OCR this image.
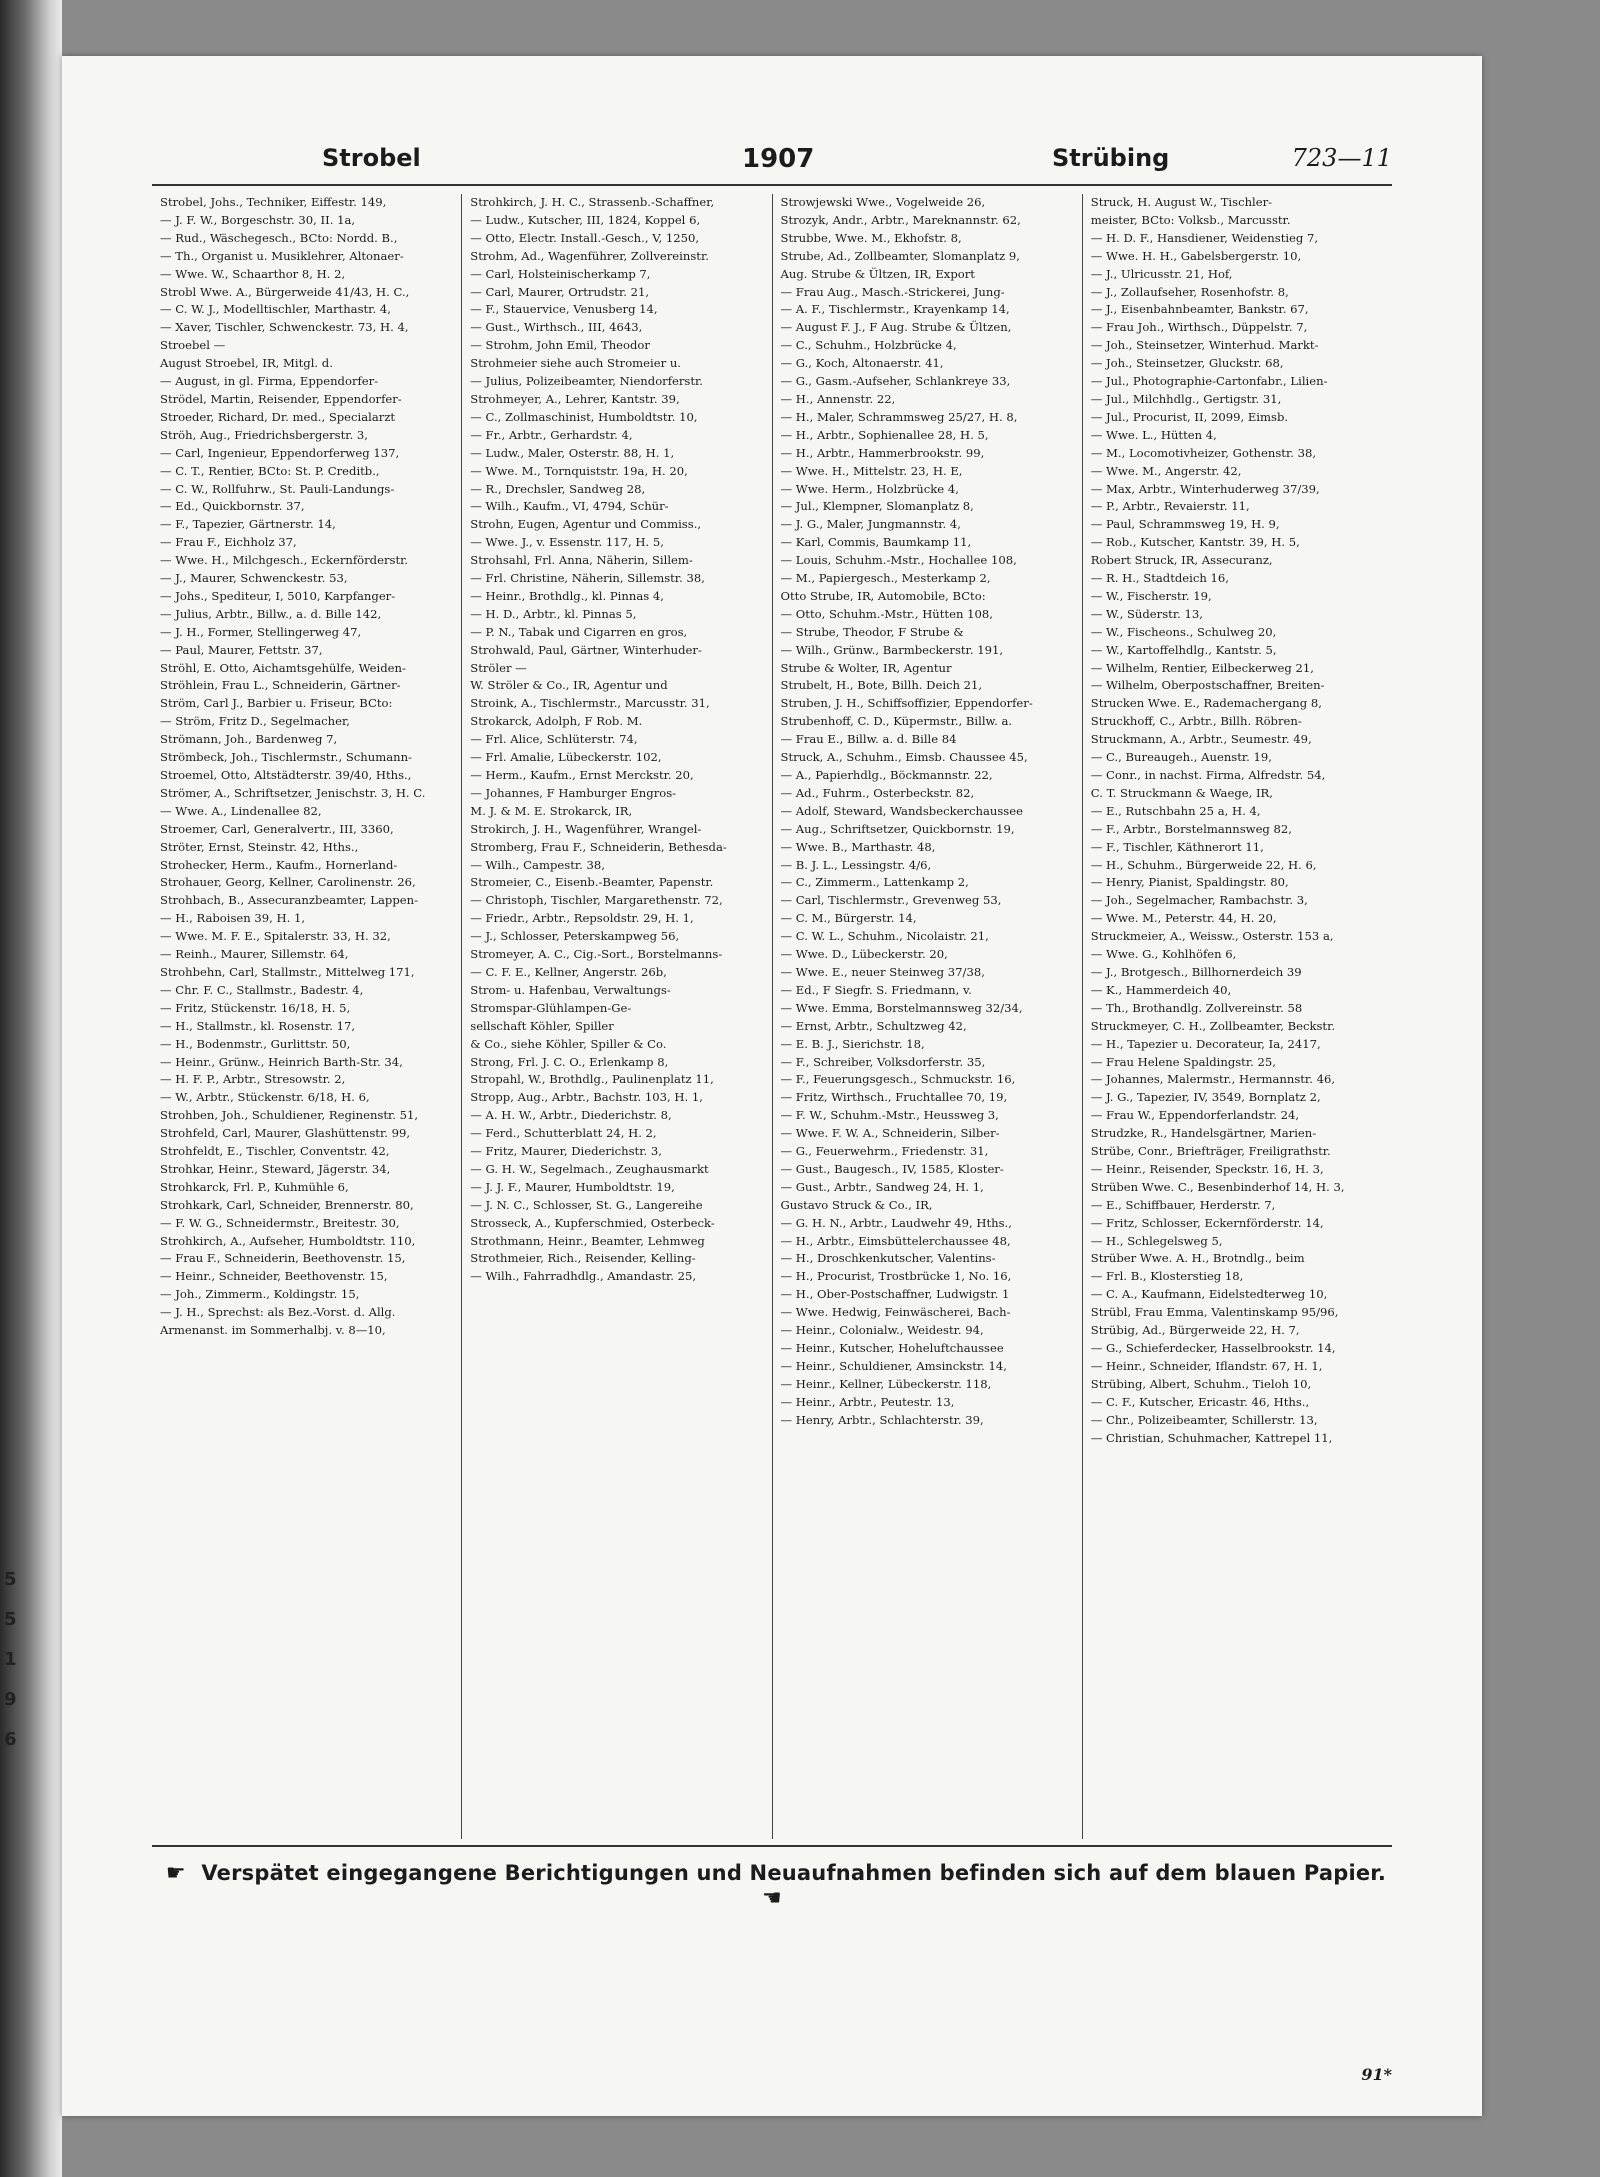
5
5
1
9
6
Strobel	1907	Strübing	723—11

Strobel, Johs., Techniker, Eiffestr. 149,

— J. F. W., Borgeschstr. 30, II. 1a,

— Rud., Wäschegesch., BCto: Nordd. B.,

— Th., Organist u. Musiklehrer, Altonaer-

— Wwe. W., Schaarthor 8, H. 2,

Strobl Wwe. A., Bürgerweide 41/43, H. C.,

— C. W. J., Modelltischler, Marthastr. 4,

— Xaver, Tischler, Schwenckestr. 73, H. 4,

Stroebel —

August Stroebel, IR, Mitgl. d.

— August, in gl. Firma, Eppendorfer-

Strödel, Martin, Reisender, Eppendorfer-

Stroeder, Richard, Dr. med., Specialarzt

Ströh, Aug., Friedrichsbergerstr. 3,

— Carl, Ingenieur, Eppendorferweg 137,

— C. T., Rentier, BCto: St. P. Creditb.,

— C. W., Rollfuhrw., St. Pauli-Landungs-

— Ed., Quickbornstr. 37,

— F., Tapezier, Gärtnerstr. 14,

— Frau F., Eichholz 37,

— Wwe. H., Milchgesch., Eckernförderstr.

— J., Maurer, Schwenckestr. 53,

— Johs., Spediteur, I, 5010, Karpfanger-

— Julius, Arbtr., Billw., a. d. Bille 142,

— J. H., Former, Stellingerweg 47,

— Paul, Maurer, Fettstr. 37,

Ströhl, E. Otto, Aichamtsgehülfe, Weiden-

Ströhlein, Frau L., Schneiderin, Gärtner-

Ström, Carl J., Barbier u. Friseur, BCto:

— Ström, Fritz D., Segelmacher,

Strömann, Joh., Bardenweg 7,

Strömbeck, Joh., Tischlermstr., Schumann-

Stroemel, Otto, Altstädterstr. 39/40, Hths.,

Strömer, A., Schriftsetzer, Jenischstr. 3, H. C.

— Wwe. A., Lindenallee 82,

Stroemer, Carl, Generalvertr., III, 3360,

Ströter, Ernst, Steinstr. 42, Hths.,

Strohecker, Herm., Kaufm., Hornerland-

Strohauer, Georg, Kellner, Carolinenstr. 26,

Strohbach, B., Assecuranzbeamter, Lappen-

— H., Raboisen 39, H. 1,

— Wwe. M. F. E., Spitalerstr. 33, H. 32,

— Reinh., Maurer, Sillemstr. 64,

Strohbehn, Carl, Stallmstr., Mittelweg 171,

— Chr. F. C., Stallmstr., Badestr. 4,

— Fritz, Stückenstr. 16/18, H. 5,

— H., Stallmstr., kl. Rosenstr. 17,

— H., Bodenmstr., Gurlittstr. 50,

— Heinr., Grünw., Heinrich Barth-Str. 34,

— H. F. P., Arbtr., Stresowstr. 2,

— W., Arbtr., Stückenstr. 6/18, H. 6,

Strohben, Joh., Schuldiener, Reginenstr. 51,

Strohfeld, Carl, Maurer, Glashüttenstr. 99,

Strohfeldt, E., Tischler, Conventstr. 42,

Strohkar, Heinr., Steward, Jägerstr. 34,

Strohkarck, Frl. P., Kuhmühle 6,

Strohkark, Carl, Schneider, Brennerstr. 80,

— F. W. G., Schneidermstr., Breitestr. 30,

Strohkirch, A., Aufseher, Humboldtstr. 110,

— Frau F., Schneiderin, Beethovenstr. 15,

— Heinr., Schneider, Beethovenstr. 15,

— Joh., Zimmerm., Koldingstr. 15,

— J. H., Sprechst: als Bez.-Vorst. d. Allg.

Armenanst. im Sommerhalbj. v. 8—10,

Strohkirch, J. H. C., Strassenb.-Schaffner,

— Ludw., Kutscher, III, 1824, Koppel 6,

— Otto, Electr. Install.-Gesch., V, 1250,

Strohm, Ad., Wagenführer, Zollvereinstr.

— Carl, Holsteinischerkamp 7,

— Carl, Maurer, Ortrudstr. 21,

— F., Stauervice, Venusberg 14,

— Gust., Wirthsch., III, 4643,

— Strohm, John Emil, Theodor

Strohmeier siehe auch Stromeier u.

— Julius, Polizeibeamter, Niendorferstr.

Strohmeyer, A., Lehrer, Kantstr. 39,

— C., Zollmaschinist, Humboldtstr. 10,

— Fr., Arbtr., Gerhardstr. 4,

— Ludw., Maler, Osterstr. 88, H. 1,

— Wwe. M., Tornquiststr. 19a, H. 20,

— R., Drechsler, Sandweg 28,

— Wilh., Kaufm., VI, 4794, Schür-

Strohn, Eugen, Agentur und Commiss.,

— Wwe. J., v. Essenstr. 117, H. 5,

Strohsahl, Frl. Anna, Näherin, Sillem-

— Frl. Christine, Näherin, Sillemstr. 38,

— Heinr., Brothdlg., kl. Pinnas 4,

— H. D., Arbtr., kl. Pinnas 5,

— P. N., Tabak und Cigarren en gros,

Strohwald, Paul, Gärtner, Winterhuder-

Ströler —

W. Ströler & Co., IR, Agentur und

Stroink, A., Tischlermstr., Marcusstr. 31,

Strokarck, Adolph, F Rob. M.

— Frl. Alice, Schlüterstr. 74,

— Frl. Amalie, Lübeckerstr. 102,

— Herm., Kaufm., Ernst Merckstr. 20,

— Johannes, F Hamburger Engros-

M. J. & M. E. Strokarck, IR,

Strokirch, J. H., Wagenführer, Wrangel-

Stromberg, Frau F., Schneiderin, Bethesda-

— Wilh., Campestr. 38,

Stromeier, C., Eisenb.-Beamter, Papenstr.

— Christoph, Tischler, Margarethenstr. 72,

— Friedr., Arbtr., Repsoldstr. 29, H. 1,

— J., Schlosser, Peterskampweg 56,

Stromeyer, A. C., Cig.-Sort., Borstelmanns-

— C. F. E., Kellner, Angerstr. 26b,

Strom- u. Hafenbau, Verwaltungs-

Stromspar-Glühlampen-Ge-

sellschaft Köhler, Spiller

& Co., siehe Köhler, Spiller & Co.

Strong, Frl. J. C. O., Erlenkamp 8,

Stropahl, W., Brothdlg., Paulinenplatz 11,

Stropp, Aug., Arbtr., Bachstr. 103, H. 1,

— A. H. W., Arbtr., Diederichstr. 8,

— Ferd., Schutterblatt 24, H. 2,

— Fritz, Maurer, Diederichstr. 3,

— G. H. W., Segelmach., Zeughausmarkt

— J. J. F., Maurer, Humboldtstr. 19,

— J. N. C., Schlosser, St. G., Langereihe

Strosseck, A., Kupferschmied, Osterbeck-

Strothmann, Heinr., Beamter, Lehmweg

Strothmeier, Rich., Reisender, Kelling-

— Wilh., Fahrradhdlg., Amandastr. 25,

Strowjewski Wwe., Vogelweide 26,

Strozyk, Andr., Arbtr., Mareknannstr. 62,

Strubbe, Wwe. M., Ekhofstr. 8,

Strube, Ad., Zollbeamter, Slomanplatz 9,

Aug. Strube & Ültzen, IR, Export

— Frau Aug., Masch.-Strickerei, Jung-

— A. F., Tischlermstr., Krayenkamp 14,

— August F. J., F Aug. Strube & Ültzen,

— C., Schuhm., Holzbrücke 4,

— G., Koch, Altonaerstr. 41,

— G., Gasm.-Aufseher, Schlankreye 33,

— H., Annenstr. 22,

— H., Maler, Schrammsweg 25/27, H. 8,

— H., Arbtr., Sophienallee 28, H. 5,

— H., Arbtr., Hammerbrookstr. 99,

— Wwe. H., Mittelstr. 23, H. E,

— Wwe. Herm., Holzbrücke 4,

— Jul., Klempner, Slomanplatz 8,

— J. G., Maler, Jungmannstr. 4,

— Karl, Commis, Baumkamp 11,

— Louis, Schuhm.-Mstr., Hochallee 108,

— M., Papiergesch., Mesterkamp 2,

Otto Strube, IR, Automobile, BCto:

— Otto, Schuhm.-Mstr., Hütten 108,

— Strube, Theodor, F Strube &

— Wilh., Grünw., Barmbeckerstr. 191,

Strube & Wolter, IR, Agentur

Strubelt, H., Bote, Billh. Deich 21,

Struben, J. H., Schiffsoffizier, Eppendorfer-

Strubenhoff, C. D., Küpermstr., Billw. a.

— Frau E., Billw. a. d. Bille 84

Struck, A., Schuhm., Eimsb. Chaussee 45,

— A., Papierhdlg., Böckmannstr. 22,

— Ad., Fuhrm., Osterbeckstr. 82,

— Adolf, Steward, Wandsbeckerchaussee

— Aug., Schriftsetzer, Quickbornstr. 19,

— Wwe. B., Marthastr. 48,

— B. J. L., Lessingstr. 4/6,

— C., Zimmerm., Lattenkamp 2,

— Carl, Tischlermstr., Grevenweg 53,

— C. M., Bürgerstr. 14,

— C. W. L., Schuhm., Nicolaistr. 21,

— Wwe. D., Lübeckerstr. 20,

— Wwe. E., neuer Steinweg 37/38,

— Ed., F Siegfr. S. Friedmann, v.

— Wwe. Emma, Borstelmannsweg 32/34,

— Ernst, Arbtr., Schultzweg 42,

— E. B. J., Sierichstr. 18,

— F., Schreiber, Volksdorferstr. 35,

— F., Feuerungsgesch., Schmuckstr. 16,

— Fritz, Wirthsch., Fruchtallee 70, 19,

— F. W., Schuhm.-Mstr., Heussweg 3,

— Wwe. F. W. A., Schneiderin, Silber-

— G., Feuerwehrm., Friedenstr. 31,

— Gust., Baugesch., IV, 1585, Kloster-

— Gust., Arbtr., Sandweg 24, H. 1,

Gustavo Struck & Co., IR,

— G. H. N., Arbtr., Laudwehr 49, Hths.,

— H., Arbtr., Eimsbüttelerchaussee 48,

— H., Droschkenkutscher, Valentins-

— H., Procurist, Trostbrücke 1, No. 16,

— H., Ober-Postschaffner, Ludwigstr. 1

— Wwe. Hedwig, Feinwäscherei, Bach-

— Heinr., Colonialw., Weidestr. 94,

— Heinr., Kutscher, Hoheluftchaussee

— Heinr., Schuldiener, Amsinckstr. 14,

— Heinr., Kellner, Lübeckerstr. 118,

— Heinr., Arbtr., Peutestr. 13,

— Henry, Arbtr., Schlachterstr. 39,

Struck, H. August W., Tischler-

meister, BCto: Volksb., Marcusstr.

— H. D. F., Hansdiener, Weidenstieg 7,

— Wwe. H. H., Gabelsbergerstr. 10,

— J., Ulricusstr. 21, Hof,

— J., Zollaufseher, Rosenhofstr. 8,

— J., Eisenbahnbeamter, Bankstr. 67,

— Frau Joh., Wirthsch., Düppelstr. 7,

— Joh., Steinsetzer, Winterhud. Markt-

— Joh., Steinsetzer, Gluckstr. 68,

— Jul., Photographie-Cartonfabr., Lilien-

— Jul., Milchhdlg., Gertigstr. 31,

— Jul., Procurist, II, 2099, Eimsb.

— Wwe. L., Hütten 4,

— M., Locomotivheizer, Gothenstr. 38,

— Wwe. M., Angerstr. 42,

— Max, Arbtr., Winterhuderweg 37/39,

— P., Arbtr., Revaierstr. 11,

— Paul, Schrammsweg 19, H. 9,

— Rob., Kutscher, Kantstr. 39, H. 5,

Robert Struck, IR, Assecuranz,

— R. H., Stadtdeich 16,

— W., Fischerstr. 19,

— W., Süderstr. 13,

— W., Fischeons., Schulweg 20,

— W., Kartoffelhdlg., Kantstr. 5,

— Wilhelm, Rentier, Eilbeckerweg 21,

— Wilhelm, Oberpostschaffner, Breiten-

Strucken Wwe. E., Rademachergang 8,

Struckhoff, C., Arbtr., Billh. Röbren-

Struckmann, A., Arbtr., Seumestr. 49,

— C., Bureaugeh., Auenstr. 19,

— Conr., in nachst. Firma, Alfredstr. 54,

C. T. Struckmann & Waege, IR,

— E., Rutschbahn 25 a, H. 4,

— F., Arbtr., Borstelmannsweg 82,

— F., Tischler, Käthnerort 11,

— H., Schuhm., Bürgerweide 22, H. 6,

— Henry, Pianist, Spaldingstr. 80,

— Joh., Segelmacher, Rambachstr. 3,

— Wwe. M., Peterstr. 44, H. 20,

Struckmeier, A., Weissw., Osterstr. 153 a,

— Wwe. G., Kohlhöfen 6,

— J., Brotgesch., Billhornerdeich 39

— K., Hammerdeich 40,

— Th., Brothandlg. Zollvereinstr. 58

Struckmeyer, C. H., Zollbeamter, Beckstr.

— H., Tapezier u. Decorateur, Ia, 2417,

— Frau Helene Spaldingstr. 25,

— Johannes, Malermstr., Hermannstr. 46,

— J. G., Tapezier, IV, 3549, Bornplatz 2,

— Frau W., Eppendorferlandstr. 24,

Strudzke, R., Handelsgärtner, Marien-

Strübe, Conr., Briefträger, Freiligrathstr.

— Heinr., Reisender, Speckstr. 16, H. 3,

Strüben Wwe. C., Besenbinderhof 14, H. 3,

— E., Schiffbauer, Herderstr. 7,

— Fritz, Schlosser, Eckernförderstr. 14,

— H., Schlegelsweg 5,

Strüber Wwe. A. H., Brotndlg., beim

— Frl. B., Klosterstieg 18,

— C. A., Kaufmann, Eidelstedterweg 10,

Strübl, Frau Emma, Valentinskamp 95/96,

Strübig, Ad., Bürgerweide 22, H. 7,

— G., Schieferdecker, Hasselbrookstr. 14,

— Heinr., Schneider, Iflandstr. 67, H. 1,

Strübing, Albert, Schuhm., Tieloh 10,

— C. F., Kutscher, Ericastr. 46, Hths.,

— Chr., Polizeibeamter, Schillerstr. 13,

— Christian, Schuhmacher, Kattrepel 11,

☛ Verspätet eingegangene Berichtigungen und Neuaufnahmen befinden sich auf dem blauen Papier. ☚
91*
